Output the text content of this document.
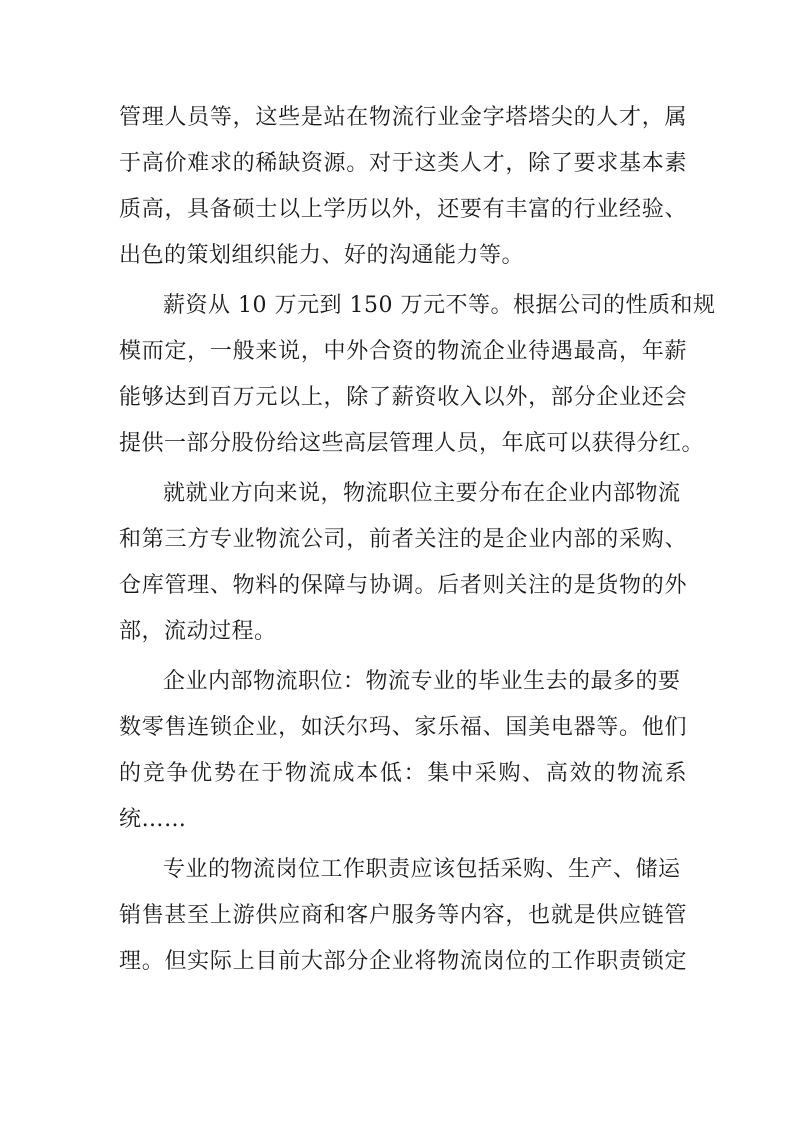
管理人员等，这些是站在物流行业金字塔塔尖的人才，属
于高价难求的稀缺资源。对于这类人才，除了要求基本素
质高，具备硕士以上学历以外，还要有丰富的行业经验、
出色的策划组织能力、好的沟通能力等。
薪资从 10 万元到 150 万元不等。根据公司的性质和规
模而定，一般来说，中外合资的物流企业待遇最高，年薪
能够达到百万元以上，除了薪资收入以外，部分企业还会
提供一部分股份给这些高层管理人员，年底可以获得分红。
就就业方向来说，物流职位主要分布在企业内部物流
和第三方专业物流公司，前者关注的是企业内部的采购、
仓库管理、物料的保障与协调。后者则关注的是货物的外
部，流动过程。
企业内部物流职位：物流专业的毕业生去的最多的要
数零售连锁企业，如沃尔玛、家乐福、国美电器等。他们
的竞争优势在于物流成本低：集中采购、高效的物流系
统……
专业的物流岗位工作职责应该包括采购、生产、储运
销售甚至上游供应商和客户服务等内容，也就是供应链管
理。但实际上目前大部分企业将物流岗位的工作职责锁定
